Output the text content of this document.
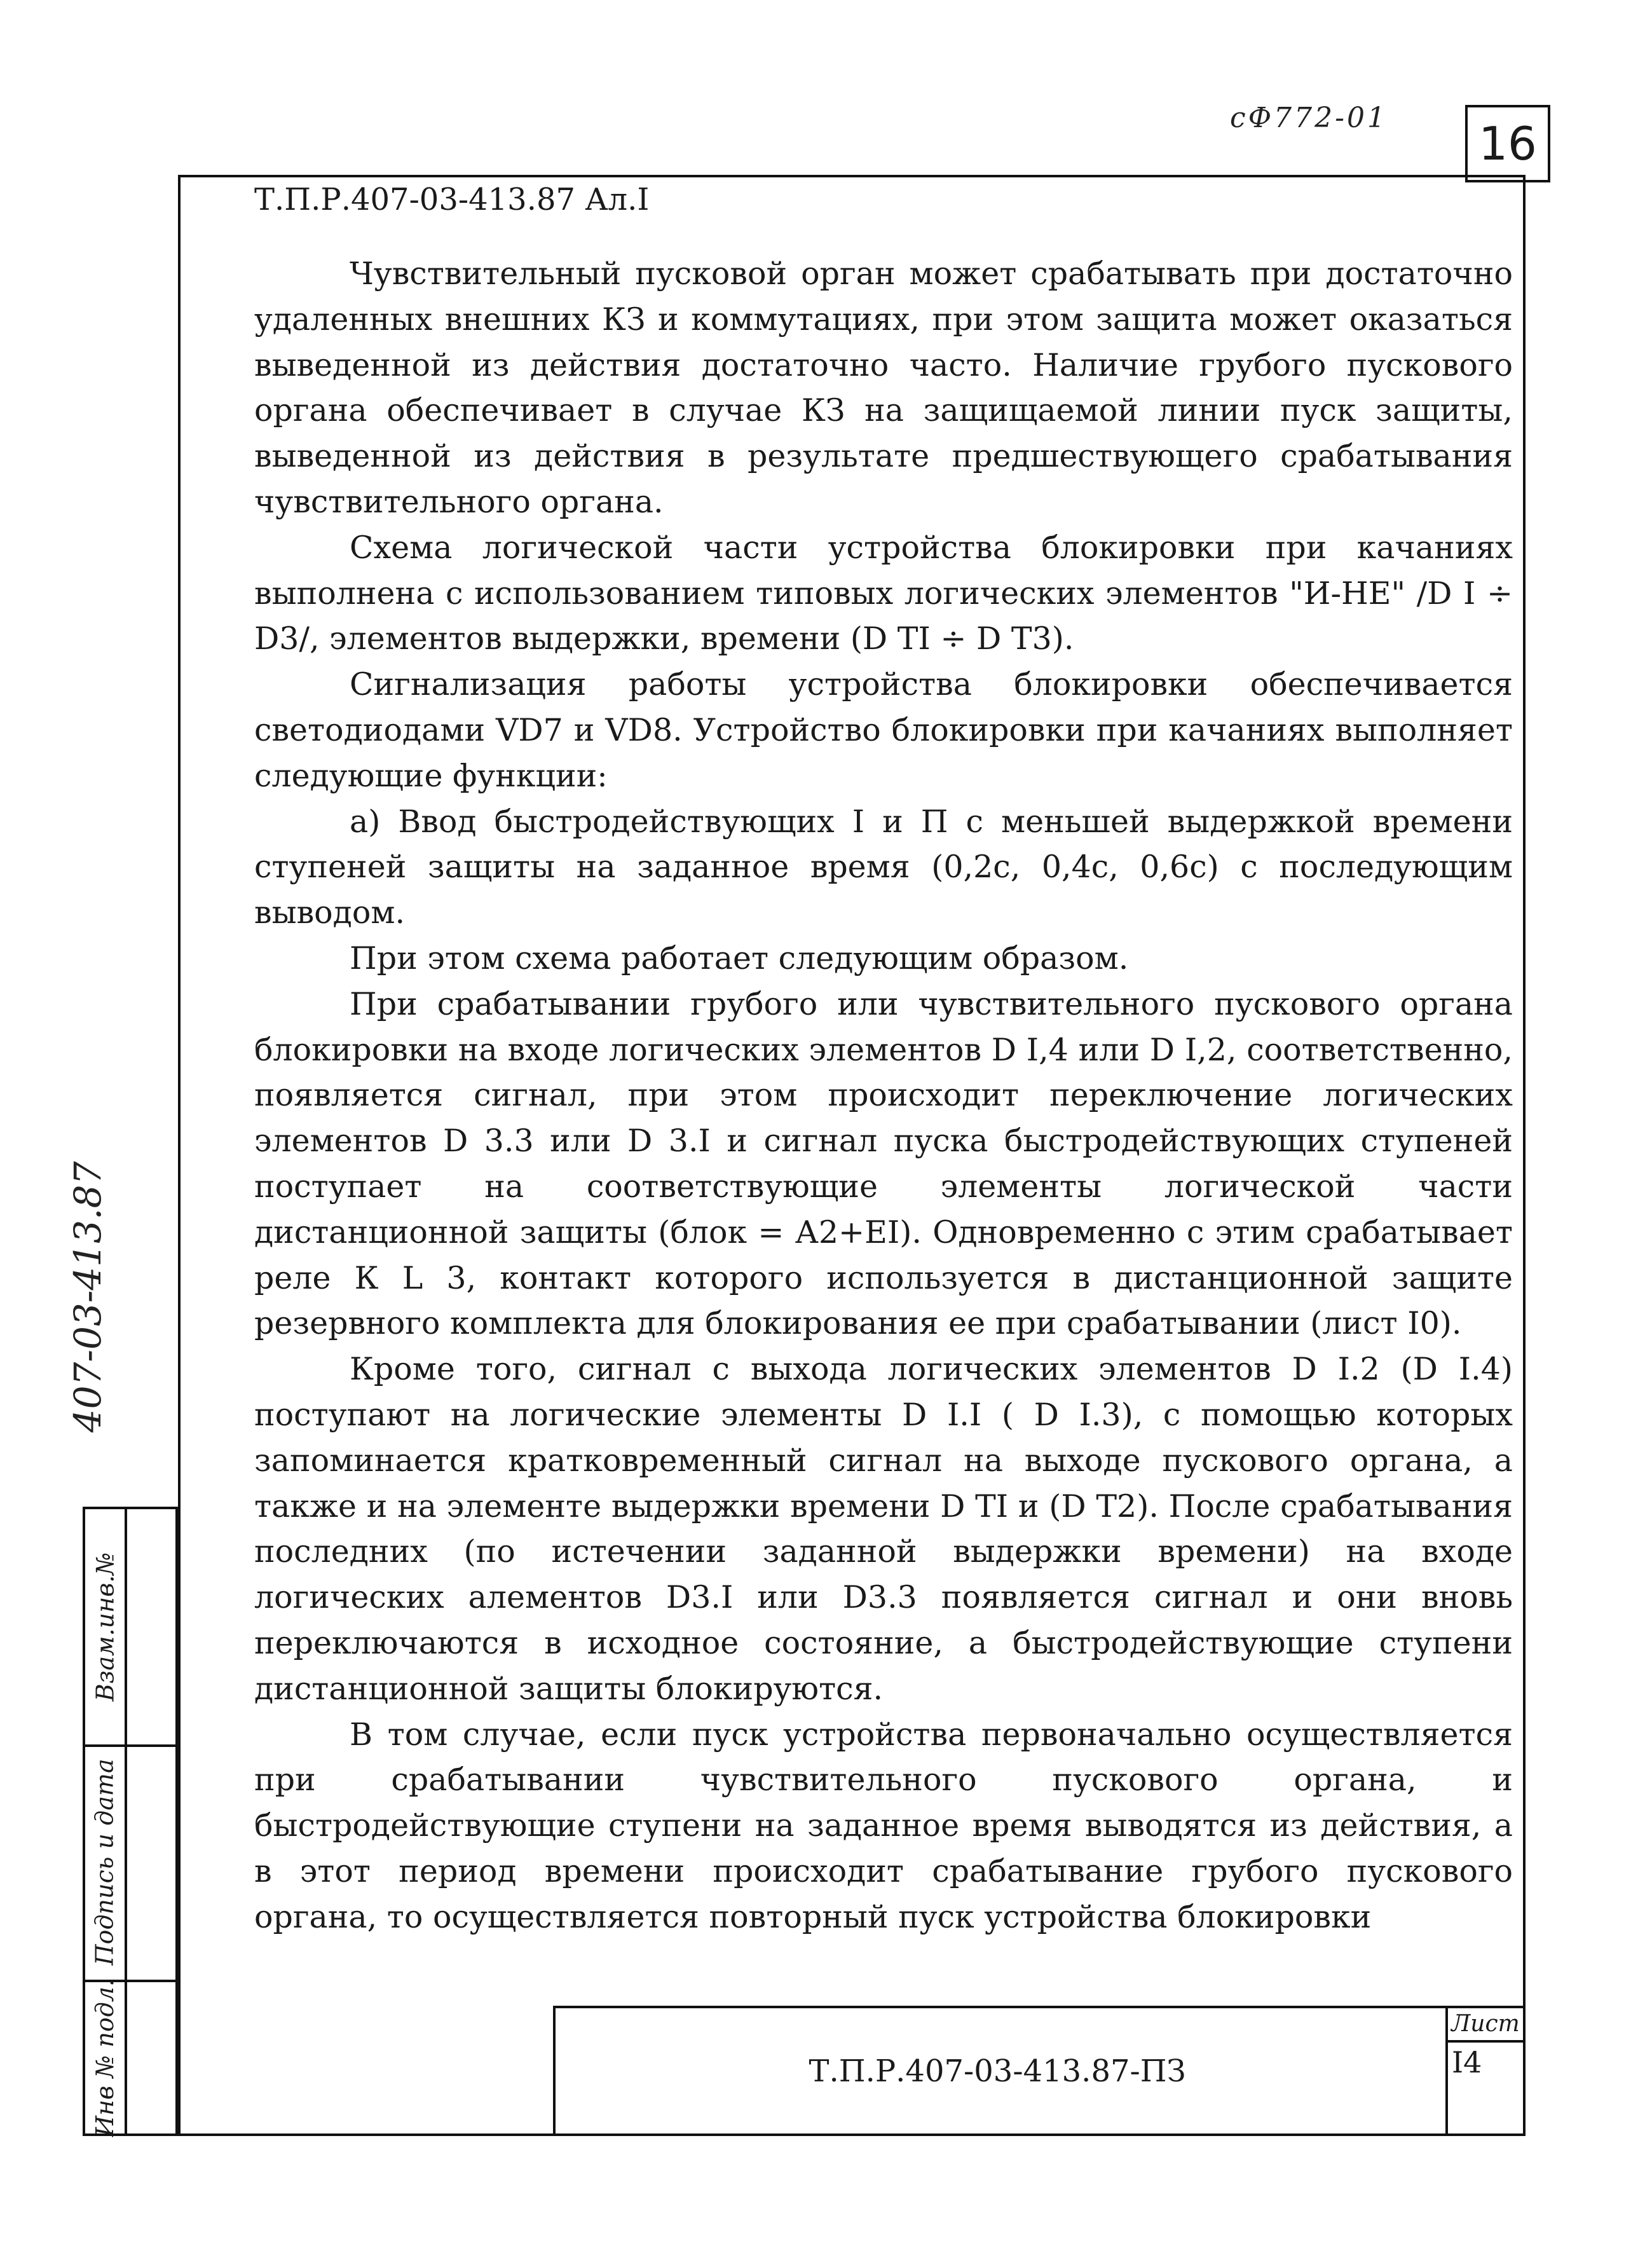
сФ772-01 16
Т.П.Р.407-03-413.87 Ал.I

Чувствительный пусковой орган может срабатывать при достаточно удаленных внешних КЗ и коммутациях, при этом защита может оказаться выведенной из действия достаточно часто. Наличие грубого пускового органа обеспечивает в случае КЗ на защищаемой линии пуск защиты, выведенной из действия в результате предшествующего срабатывания чувствительного органа.

Схема логической части устройства блокировки при качаниях выполнена с использованием типовых логических элементов "И-НЕ" /D I ÷ D3/, элементов выдержки, времени (D TI ÷ D T3).

Сигнализация работы устройства блокировки обеспечивается светодиодами VD7 и VD8. Устройство блокировки при качаниях выполняет следующие функции:

а) Ввод быстродействующих I и П с меньшей выдержкой времени ступеней защиты на заданное время (0,2с, 0,4с, 0,6с) с последующим выводом.

При этом схема работает следующим образом.

При срабатывании грубого или чувствительного пускового органа блокировки на входе логических элементов D I,4 или D I,2, соответственно, появляется сигнал, при этом происходит переключение логических элементов D 3.3 или D 3.I и сигнал пуска быстродействующих ступеней поступает на соответствующие элементы логической части дистанционной защиты (блок = А2+ЕI). Одновременно с этим срабатывает реле К L 3, контакт которого используется в дистанционной защите резервного комплекта для блокирования ее при срабатывании (лист I0).

Кроме того, сигнал с выхода логических элементов D I.2 (D I.4) поступают на логические элементы D I.I ( D I.3), с помощью которых запоминается кратковременный сигнал на выходе пускового органа, а также и на элементе выдержки времени D TI и (D T2). После срабатывания последних (по истечении заданной выдержки времени) на входе логических алементов D3.I или D3.3 появляется сигнал и они вновь переключаются в исходное состояние, а быстродействующие ступени дистанционной защиты блокируются.

В том случае, если пуск устройства первоначально осуществляется при срабатывании чувствительного пускового органа, и быстродействующие ступени на заданное время выводятся из действия, а в этот период времени происходит срабатывание грубого пускового органа, то осуществляется повторный пуск устройства блокировки

407-03-413.87
Взам.инв.№
Подпись и дата
Инв № подл.	Т.П.Р.407-03-413.87-ПЗ
Лист
I4
